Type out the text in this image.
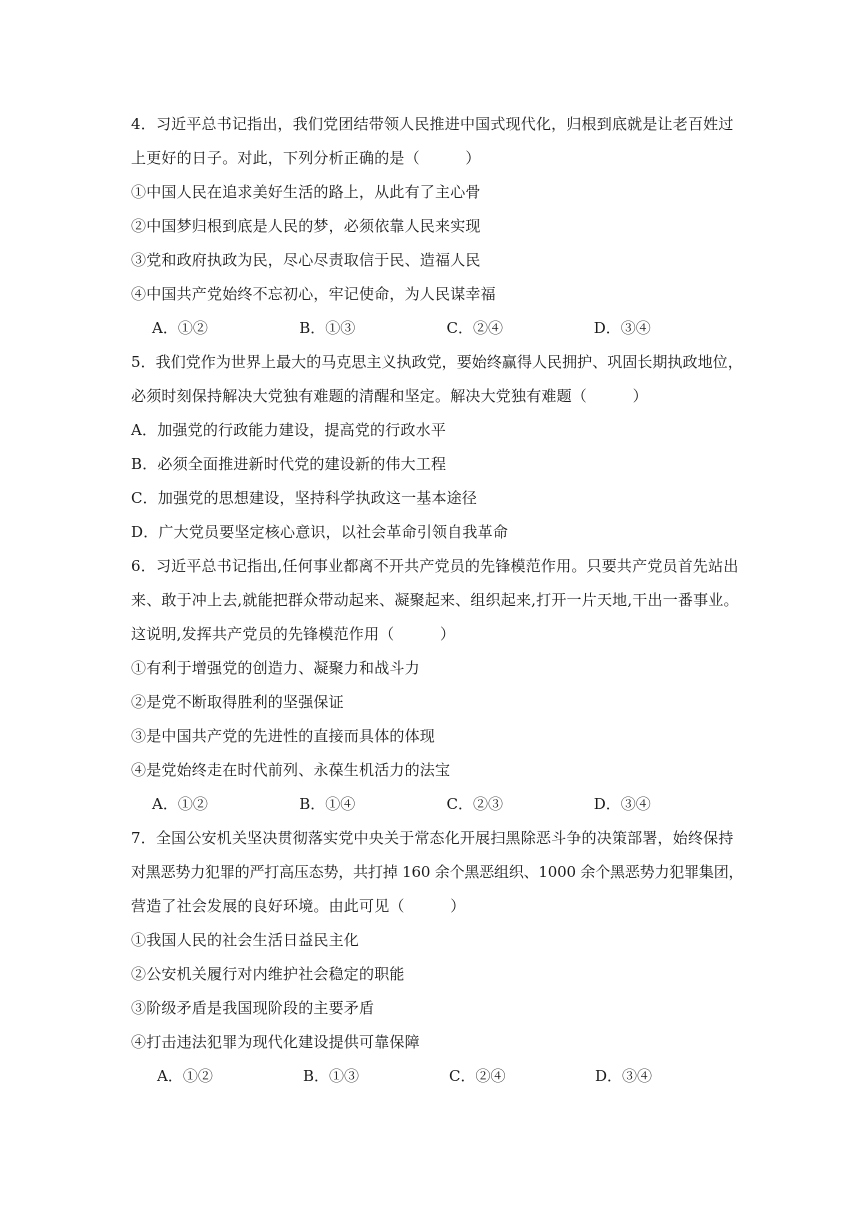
4．习近平总书记指出，我们党团结带领人民推进中国式现代化，归根到底就是让老百姓过
上更好的日子。对此，下列分析正确的是（　　　）
①中国人民在追求美好生活的路上，从此有了主心骨
②中国梦归根到底是人民的梦，必须依靠人民来实现
③党和政府执政为民，尽心尽责取信于民、造福人民
④中国共产党始终不忘初心，牢记使命，为人民谋幸福
A．①②	B．①③	C．②④	D．③④
5．我们党作为世界上最大的马克思主义执政党，要始终赢得人民拥护、巩固长期执政地位，
必须时刻保持解决大党独有难题的清醒和坚定。解决大党独有难题（　　　）
A．加强党的行政能力建设，提高党的行政水平
B．必须全面推进新时代党的建设新的伟大工程
C．加强党的思想建设，坚持科学执政这一基本途径
D．广大党员要坚定核心意识，以社会革命引领自我革命
6．习近平总书记指出,任何事业都离不开共产党员的先锋模范作用。只要共产党员首先站出
来、敢于冲上去,就能把群众带动起来、凝聚起来、组织起来,打开一片天地,干出一番事业。
这说明,发挥共产党员的先锋模范作用（　　　）
①有利于增强党的创造力、凝聚力和战斗力
②是党不断取得胜利的坚强保证
③是中国共产党的先进性的直接而具体的体现
④是党始终走在时代前列、永葆生机活力的法宝
A．①②	B．①④	C．②③	D．③④
7．全国公安机关坚决贯彻落实党中央关于常态化开展扫黑除恶斗争的决策部署，始终保持
对黑恶势力犯罪的严打高压态势，共打掉 160 余个黑恶组织、1000 余个黑恶势力犯罪集团，
营造了社会发展的良好环境。由此可见（　　　）
①我国人民的社会生活日益民主化
②公安机关履行对内维护社会稳定的职能
③阶级矛盾是我国现阶段的主要矛盾
④打击违法犯罪为现代化建设提供可靠保障
A．①②	B．①③	C．②④	D．③④
